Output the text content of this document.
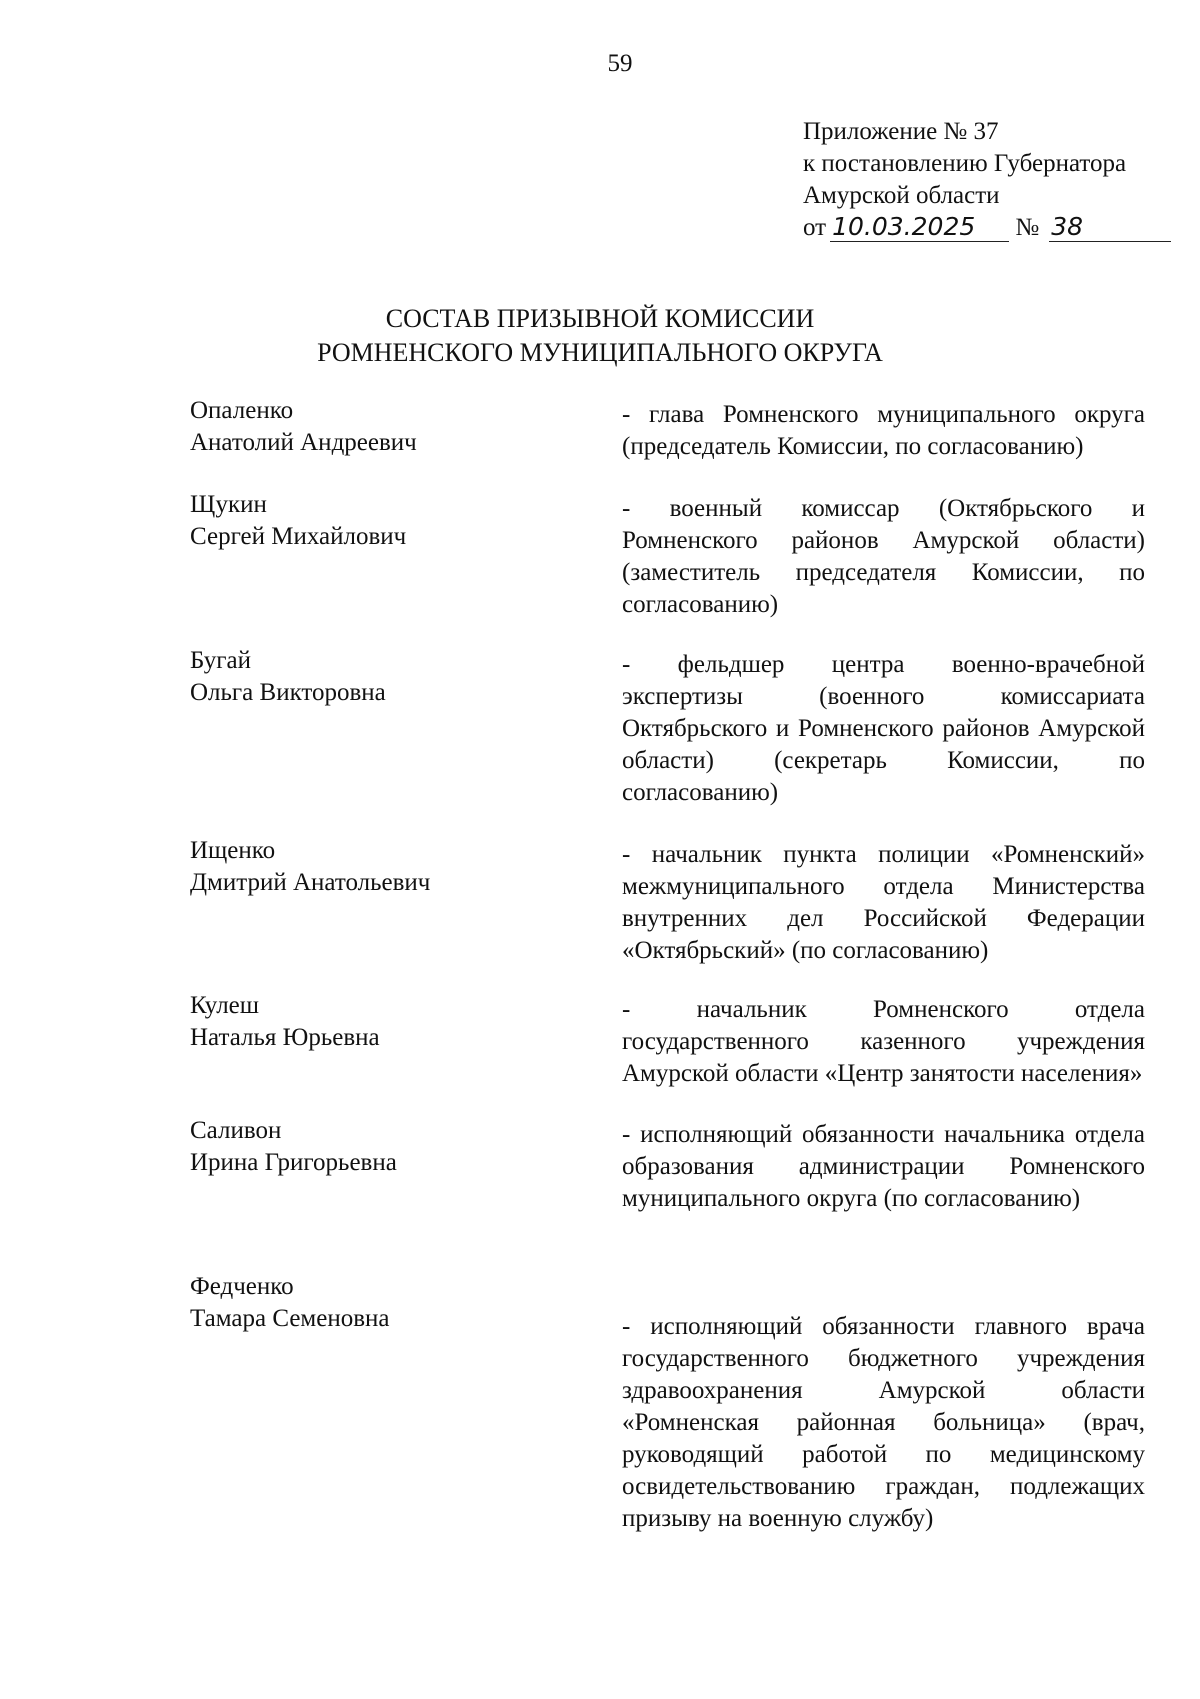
59
Приложение № 37
к постановлению Губернатора
Амурской области
от 10.03.2025 № 38
СОСТАВ ПРИЗЫВНОЙ КОМИССИИ
РОМНЕНСКОГО МУНИЦИПАЛЬНОГО ОКРУГА
Опаленко
Анатолий Андреевич
- глава Ромненского муниципального округа (председатель Комиссии, по согласованию)
Щукин
Сергей Михайлович
- военный комиссар (Октябрьского и Ромненского районов Амурской области) (заместитель председателя Комиссии, по согласованию)
Бугай
Ольга Викторовна
- фельдшер центра военно-врачебной экспертизы (военного комиссариата Октябрьского и Ромненского районов Амурской области) (секретарь Комиссии, по согласованию)
Ищенко
Дмитрий Анатольевич
- начальник пункта полиции «Ромненский» межмуниципального отдела Министерства внутренних дел Российской Федерации «Октябрьский» (по согласованию)
Кулеш
Наталья Юрьевна
- начальник Ромненского отдела государственного казенного учреждения Амурской области «Центр занятости населения»
Саливон
Ирина Григорьевна
- исполняющий обязанности начальника отдела образования администрации Ромненского муниципального округа (по согласованию)
Федченко
Тамара Семеновна	- исполняющий обязанности главного врача государственного бюджетного учреждения здравоохранения Амурской области «Ромненская районная больница» (врач, руководящий работой по медицинскому освидетельствованию граждан, подлежащих призыву на военную службу)
